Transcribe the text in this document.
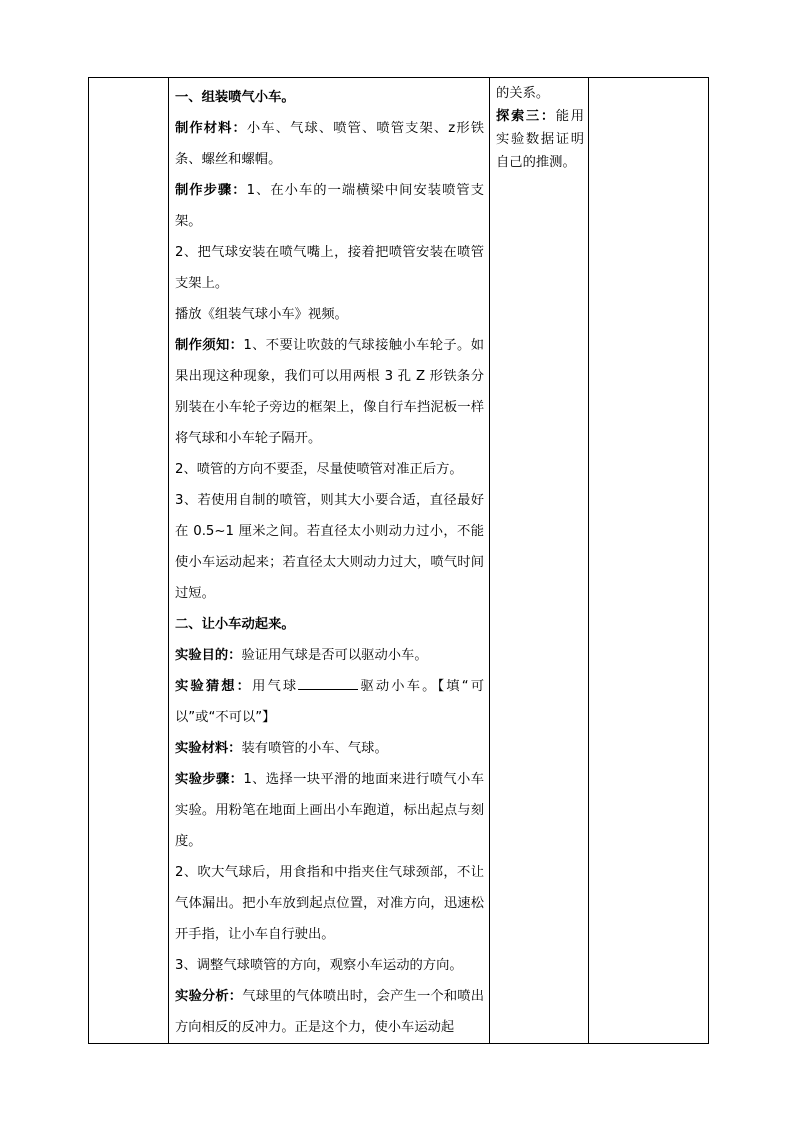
一、组装喷气小车。

制作材料：小车、气球、喷管、喷管支架、z形铁条、螺丝和螺帽。

制作步骤：1、在小车的一端横梁中间安装喷管支架。

2、把气球安装在喷气嘴上，接着把喷管安装在喷管支架上。

播放《组装气球小车》视频。

制作须知：1、不要让吹鼓的气球接触小车轮子。如果出现这种现象，我们可以用两根 3 孔 Z 形铁条分别装在小车轮子旁边的框架上，像自行车挡泥板一样将气球和小车轮子隔开。

2、喷管的方向不要歪，尽量使喷管对准正后方。

3、若使用自制的喷管，则其大小要合适，直径最好在 0.5~1 厘米之间。若直径太小则动力过小，不能使小车运动起来；若直径太大则动力过大，喷气时间过短。

二、让小车动起来。

实验目的：验证用气球是否可以驱动小车。

实验猜想：用气球	驱动小车。【填“可以”或“不可以”】

实验材料：装有喷管的小车、气球。

实验步骤：1、选择一块平滑的地面来进行喷气小车实验。用粉笔在地面上画出小车跑道，标出起点与刻度。

2、吹大气球后，用食指和中指夹住气球颈部，不让气体漏出。把小车放到起点位置，对准方向，迅速松开手指，让小车自行驶出。

3、调整气球喷管的方向，观察小车运动的方向。

实验分析：气球里的气体喷出时，会产生一个和喷出方向相反的反冲力。正是这个力，使小车运动起

的关系。

探索三：能用实验数据证明自己的推测。
